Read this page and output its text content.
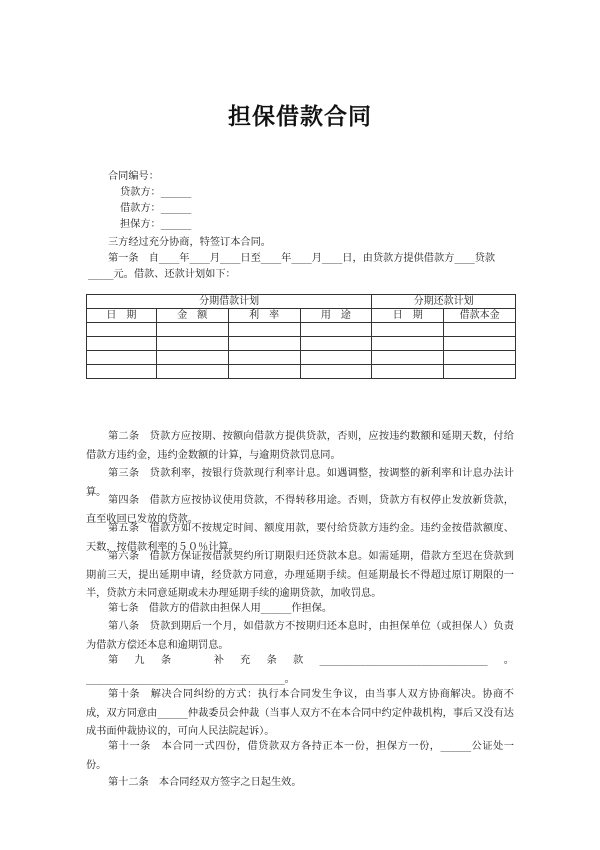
担保借款合同
合同编号：
贷款方：______
借款方：______
担保方：______
三方经过充分协商，特签订本合同。
第一条　自____年____月____日至____年____月____日，由贷款方提供借款方____贷款
_____元。借款、还款计划如下：
分期借款计划				分期还款计划	
日　期	金　额	利　率	用　途	日　期	借款本金

第二条　贷款方应按期、按额向借款方提供贷款，否则，应按违约数额和延期天数，付给借款方违约金，违约金数额的计算，与逾期贷款罚息同。
第三条　贷款利率，按银行贷款现行利率计息。如遇调整，按调整的新利率和计息办法计算。
第四条　借款方应按协议使用贷款，不得转移用途。否则，贷款方有权停止发放新贷款，直至收回已发放的贷款。
第五条　借款方如不按规定时间、额度用款，要付给贷款方违约金。违约金按借款额度、天数，按借款利率的５０％计算。
第六条　借款方保证按借款契约所订期限归还贷款本息。如需延期，借款方至迟在贷款到期前三天，提出延期申请，经贷款方同意，办理延期手续。但延期最长不得超过原订期限的一半，贷款方未同意延期或未办理延期手续的逾期贷款，加收罚息。
第七条　借款方的借款由担保人用______作担保。
第八条　贷款到期后一个月，如借款方不按期归还本息时，由担保单位（或担保人）负责为借款方偿还本息和逾期罚息。
第九条　补充条款_________________________________。_______________________________________。
第十条　解决合同纠纷的方式：执行本合同发生争议，由当事人双方协商解决。协商不成，双方同意由______仲裁委员会仲裁（当事人双方不在本合同中约定仲裁机构，事后又没有达成书面仲裁协议的，可向人民法院起诉）。
第十一条　本合同一式四份，借贷款双方各持正本一份，担保方一份，______公证处一份。
第十二条　本合同经双方签字之日起生效。
